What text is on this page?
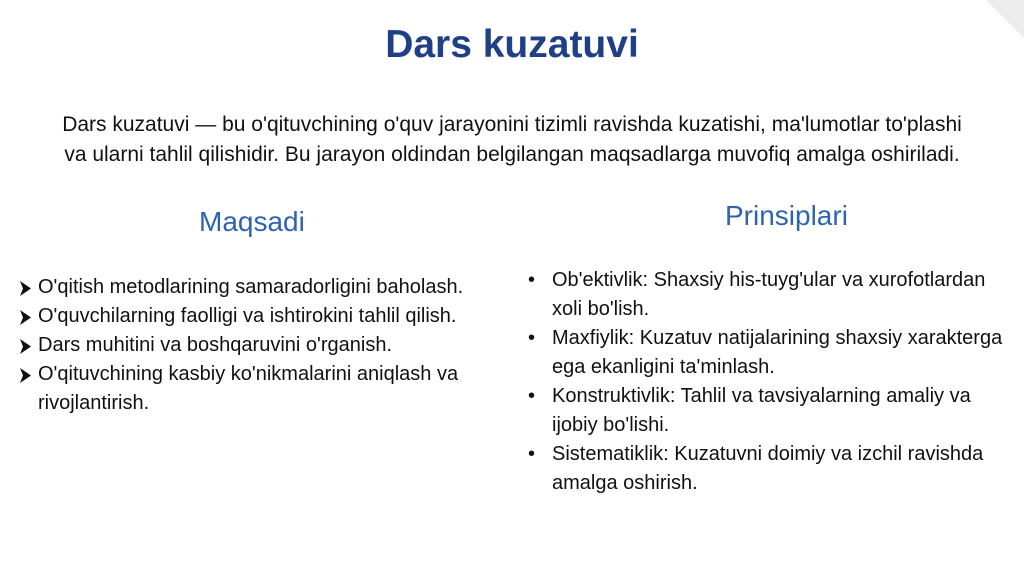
Dars kuzatuvi
Dars kuzatuvi — bu o'qituvchining o'quv jarayonini tizimli ravishda kuzatishi, ma'lumotlar to'plashi va ularni tahlil qilishidir. Bu jarayon oldindan belgilangan maqsadlarga muvofiq amalga oshiriladi.
Maqsadi	Prinsiplari
O'qitish metodlarining samaradorligini baholash.
O'quvchilarning faolligi va ishtirokini tahlil qilish.
Dars muhitini va boshqaruvini o'rganish.
O'qituvchining kasbiy ko'nikmalarini aniqlash va rivojlantirish.
• Ob'ektivlik: Shaxsiy his-tuyg'ular va xurofotlardan xoli bo'lish.
• Maxfiylik: Kuzatuv natijalarining shaxsiy xarakterga ega ekanligini ta'minlash.
• Konstruktivlik: Tahlil va tavsiyalarning amaliy va ijobiy bo'lishi.
• Sistematiklik: Kuzatuvni doimiy va izchil ravishda amalga oshirish.
